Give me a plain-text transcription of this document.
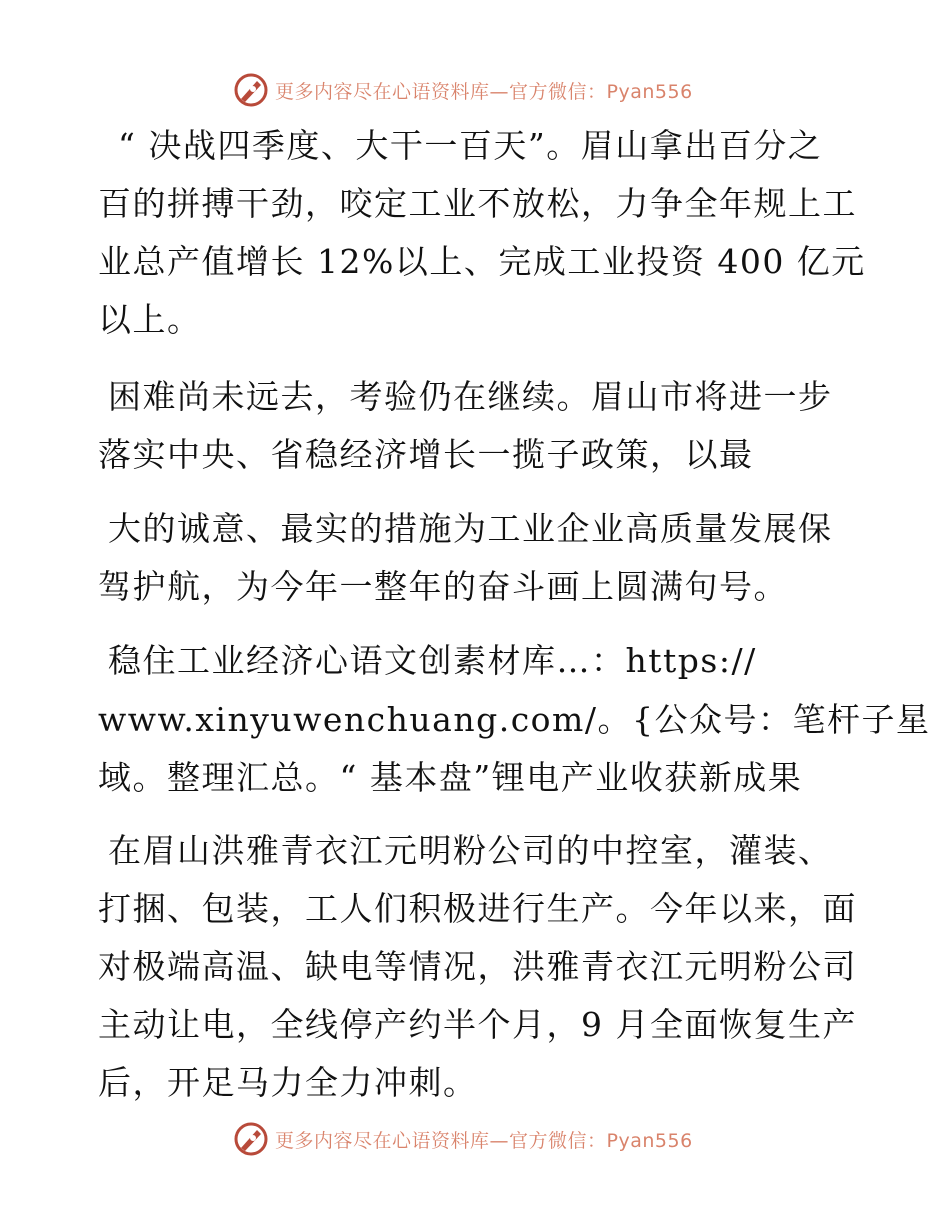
更多内容尽在心语资料库—官方微信：Pyan556
“ 决战四季度、大干一百天”。眉山拿出百分之
百的拼搏干劲，咬定工业不放松，力争全年规上工
业总产值增长 12%以上、完成工业投资 400 亿元
以上。
困难尚未远去，考验仍在继续。眉山市将进一步
落实中央、省稳经济增长一揽子政策，以最
大的诚意、最实的措施为工业企业高质量发展保
驾护航，为今年一整年的奋斗画上圆满句号。
稳住工业经济心语文创素材库…：https://
www.xinyuwenchuang.com/。{公众号：笔杆子星
域。整理汇总。“ 基本盘”锂电产业收获新成果
在眉山洪雅青衣江元明粉公司的中控室，灌装、
打捆、包装，工人们积极进行生产。今年以来，面
对极端高温、缺电等情况，洪雅青衣江元明粉公司
主动让电，全线停产约半个月，9 月全面恢复生产
后，开足马力全力冲刺。
更多内容尽在心语资料库—官方微信：Pyan556
